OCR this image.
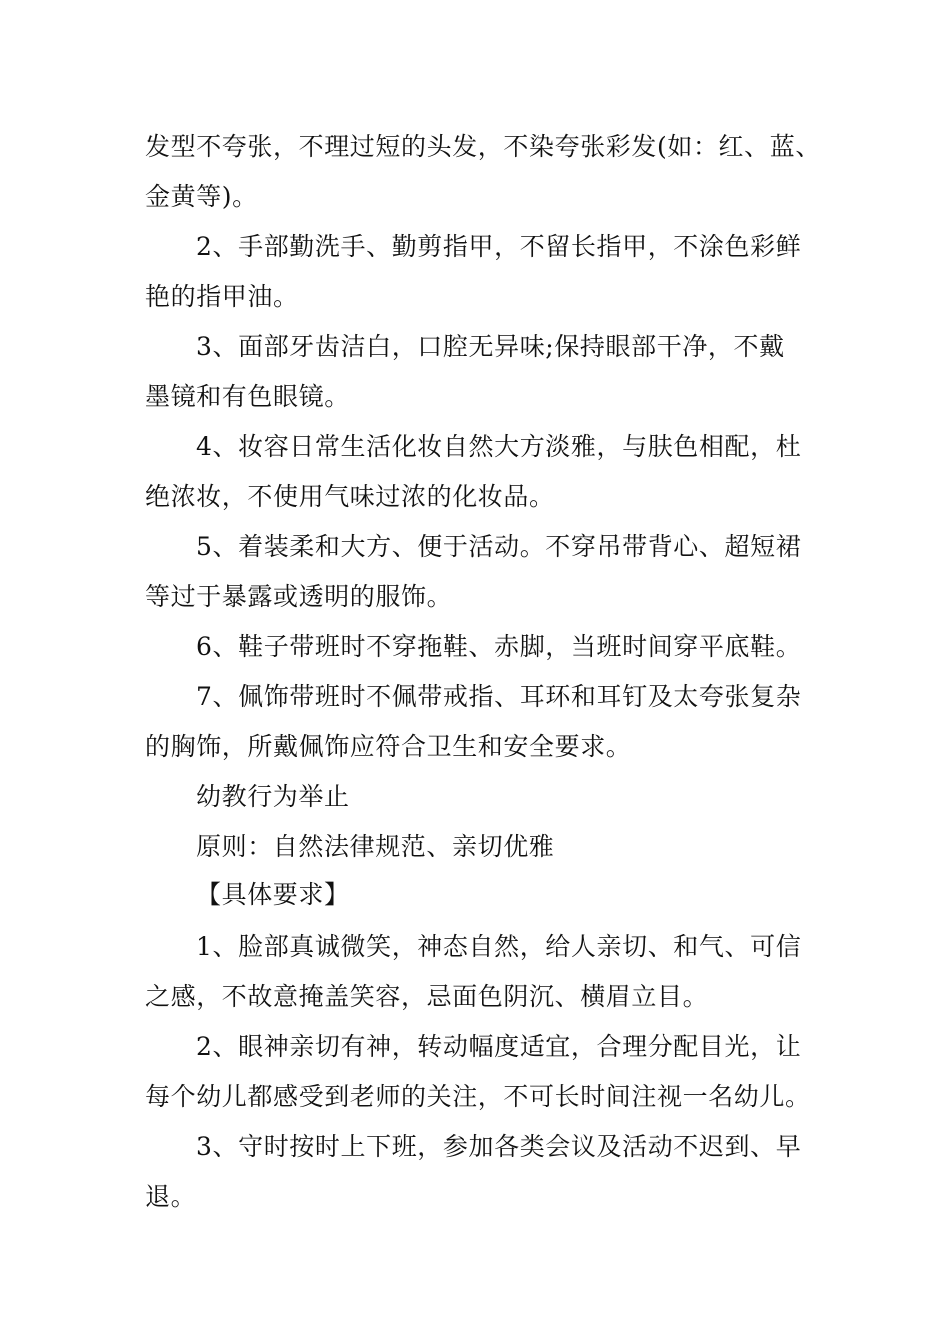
发型不夸张，不理过短的头发，不染夸张彩发(如：红、蓝、
金黄等)。
2、手部勤洗手、勤剪指甲，不留长指甲，不涂色彩鲜
艳的指甲油。
3、面部牙齿洁白，口腔无异味;保持眼部干净，不戴
墨镜和有色眼镜。
4、妆容日常生活化妆自然大方淡雅，与肤色相配，杜
绝浓妆，不使用气味过浓的化妆品。
5、着装柔和大方、便于活动。不穿吊带背心、超短裙
等过于暴露或透明的服饰。
6、鞋子带班时不穿拖鞋、赤脚，当班时间穿平底鞋。
7、佩饰带班时不佩带戒指、耳环和耳钉及太夸张复杂
的胸饰，所戴佩饰应符合卫生和安全要求。
幼教行为举止
原则：自然法律规范、亲切优雅
【具体要求】
1、脸部真诚微笑，神态自然，给人亲切、和气、可信
之感，不故意掩盖笑容，忌面色阴沉、横眉立目。
2、眼神亲切有神，转动幅度适宜，合理分配目光，让
每个幼儿都感受到老师的关注，不可长时间注视一名幼儿。
3、守时按时上下班，参加各类会议及活动不迟到、早
退。
